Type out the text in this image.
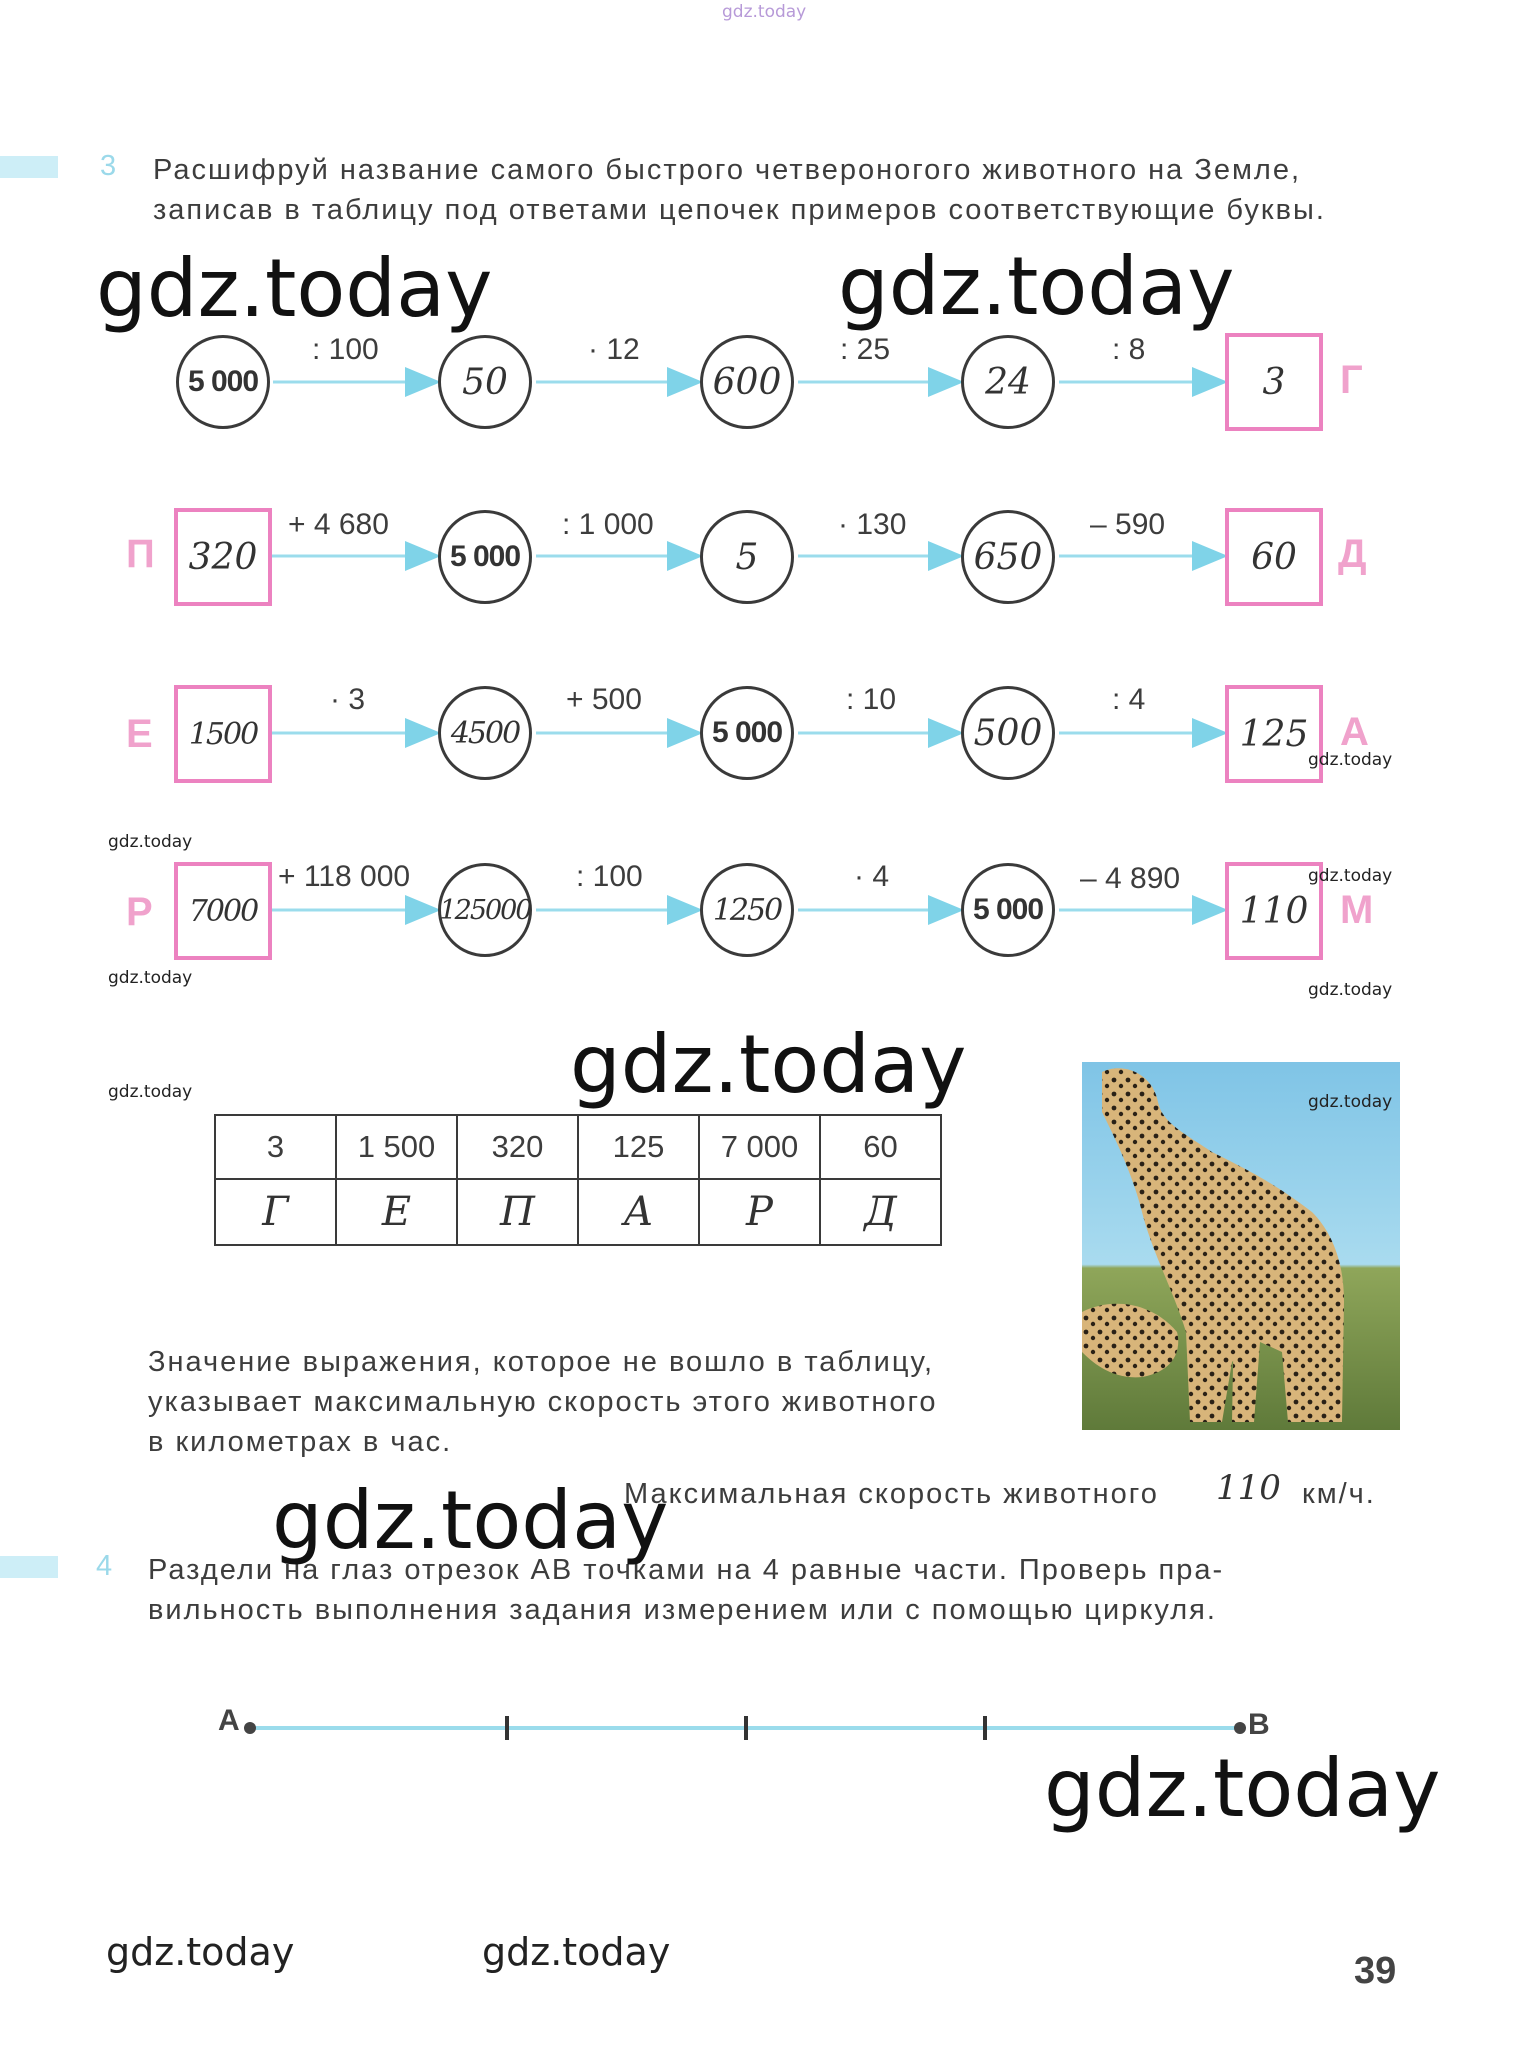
gdz.today
3 Расшифруй название самого быстрого четвероногого животного на Земле,
записав в таблицу под ответами цепочек примеров соответствующие буквы.
5 000
: 100
50
· 12
600
: 25
24
: 8
3 Г
П 320
+ 4 680
5 000
: 1 000
5
· 130
650
– 590
60 Д
Е 1500
· 3
4500
+ 500
5 000
: 10
500
: 4
125 А
Р 7000
+ 118 000
125000
: 100
1250
· 4
5 000
– 4 890
110 М
3	1 500	320	125	7 000	60
Г	Е	П	А	Р	Д
Значение выражения, которое не вошло в таблицу,
указывает максимальную скорость этого животного
в километрах в час.
Максимальная скорость животного 110 км/ч.
4 Раздели на глаз отрезок АВ точками на 4 равные части. Проверь пра-
вильность выполнения задания измерением или с помощью циркуля.
А	В
39
gdz.today	gdz.today
gdz.today
gdz.today
gdz.today
gdz.today	gdz.today
gdz.today
gdz.today
gdz.today
gdz.today
gdz.today
gdz.today	gdz.today
